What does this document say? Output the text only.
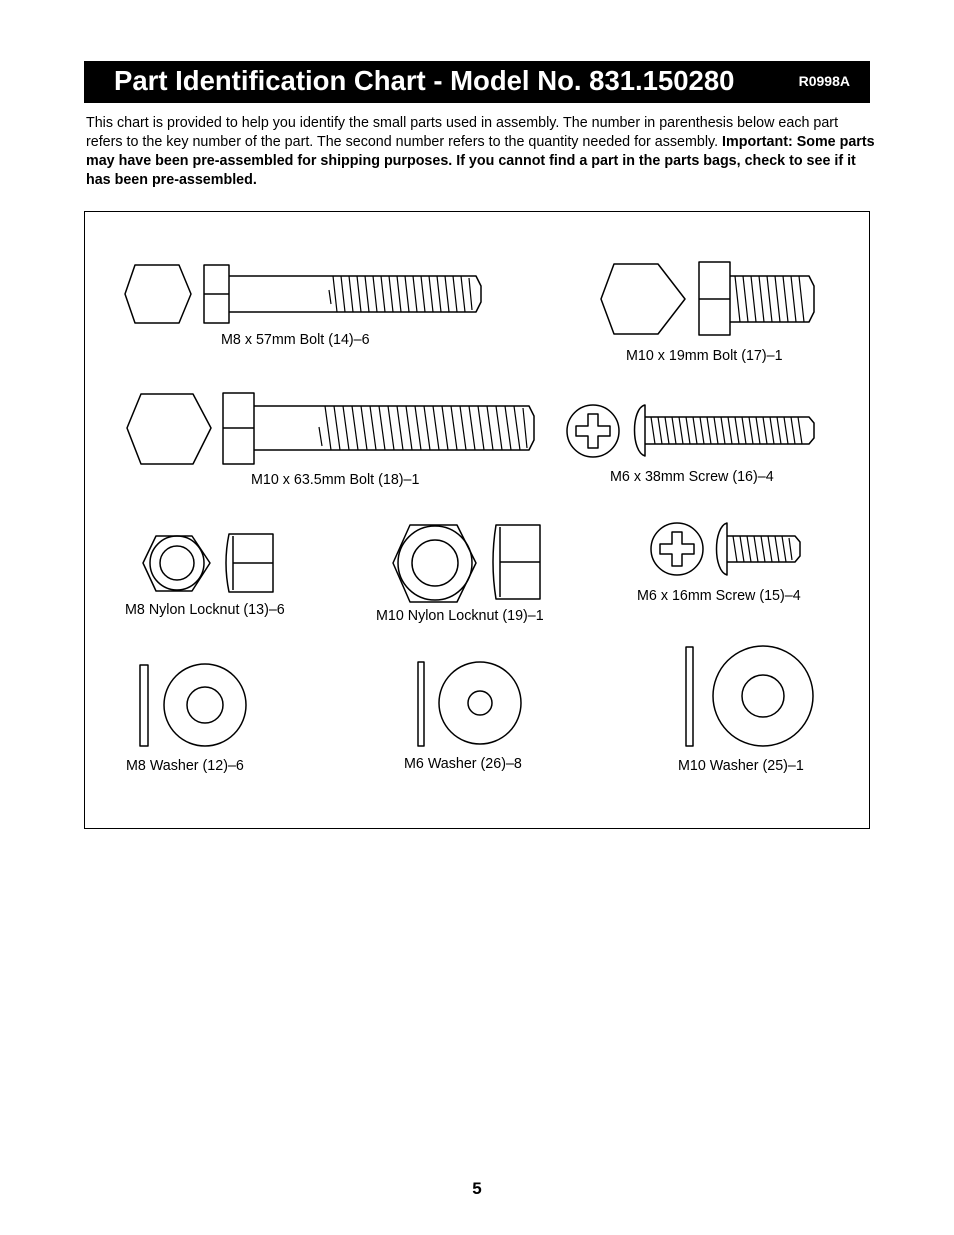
Part Identification Chart - Model No. 831.150280	R0998A
This chart is provided to help you identify the small parts used in assembly. The number in parenthesis below each part refers to the key number of the part. The second number refers to the quantity needed for assembly. Important: Some parts may have been pre-assembled for shipping purposes. If you cannot find a part in the parts bags, check to see if it has been pre-assembled.
M8 x 57mm Bolt (14)–6
M10 x 19mm Bolt (17)–1
M10 x 63.5mm Bolt (18)–1	M6 x 38mm Screw (16)–4
M8 Nylon Locknut (13)–6	M10 Nylon Locknut (19)–1
M6 x 16mm Screw (15)–4
M8 Washer (12)–6	M6 Washer (26)–8	M10 Washer (25)–1
5
